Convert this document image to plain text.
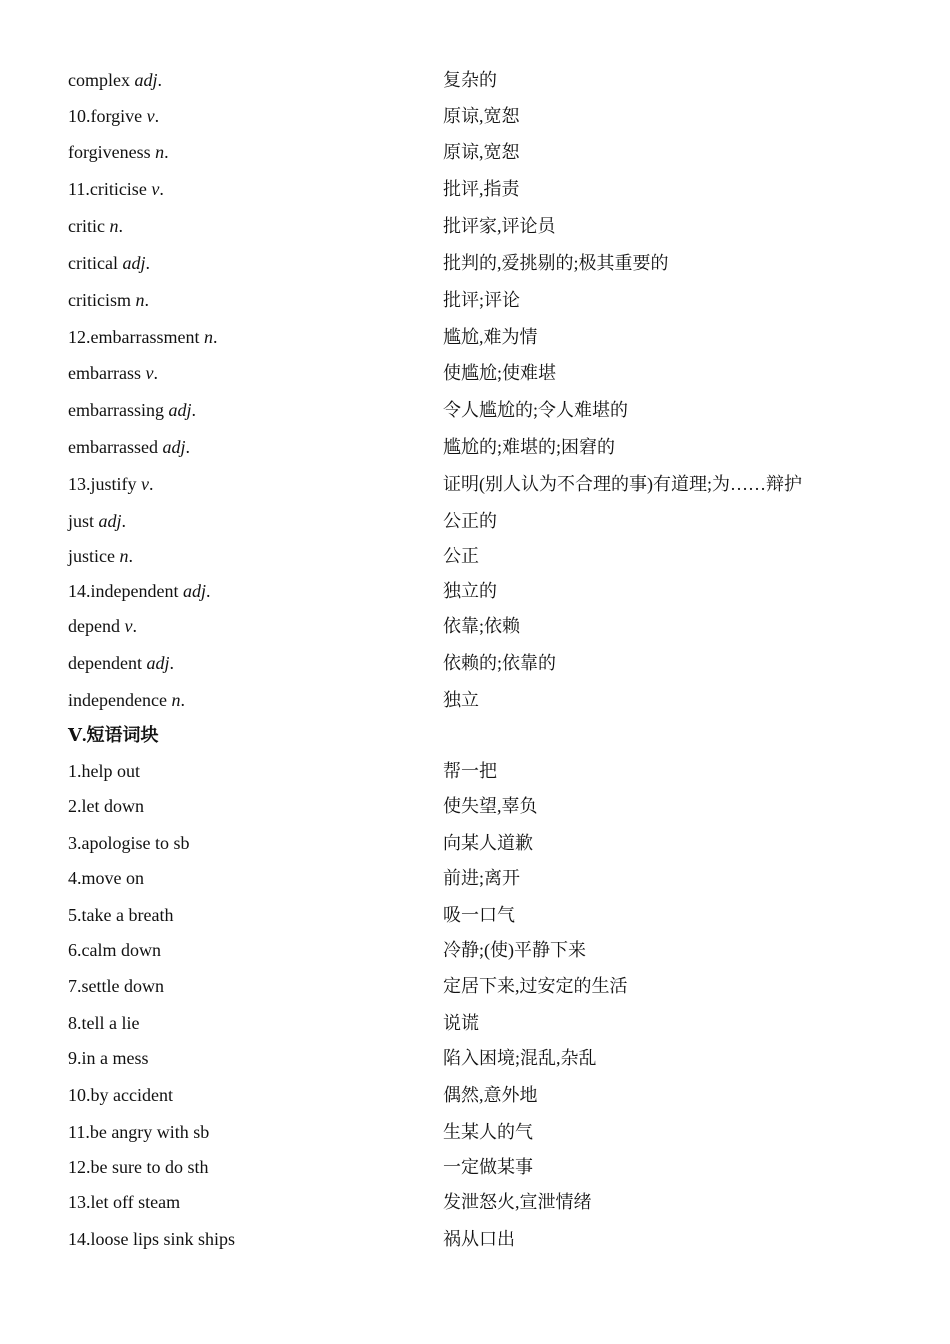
complex adj.	复杂的
10.forgive v.	原谅,宽恕
forgiveness n.	原谅,宽恕
11.criticise v.	批评,指责
critic n.	批评家,评论员
critical adj.	批判的,爱挑剔的;极其重要的
criticism n.	批评;评论
12.embarrassment n.	尴尬,难为情
embarrass v.	使尴尬;使难堪
embarrassing adj.	令人尴尬的;令人难堪的
embarrassed adj.	尴尬的;难堪的;困窘的
13.justify v.	证明(别人认为不合理的事)有道理;为……辩护
just adj.	公正的
justice n.	公正
14.independent adj.	独立的
depend v.	依靠;依赖
dependent adj.	依赖的;依靠的
independence n.	独立
Ⅴ.短语词块
1.help out	帮一把
2.let down	使失望,辜负
3.apologise to sb	向某人道歉
4.move on	前进;离开
5.take a breath	吸一口气
6.calm down	冷静;(使)平静下来
7.settle down	定居下来,过安定的生活
8.tell a lie	说谎
9.in a mess	陷入困境;混乱,杂乱
10.by accident	偶然,意外地
11.be angry with sb	生某人的气
12.be sure to do sth	一定做某事
13.let off steam	发泄怒火,宣泄情绪
14.loose lips sink ships	祸从口出
